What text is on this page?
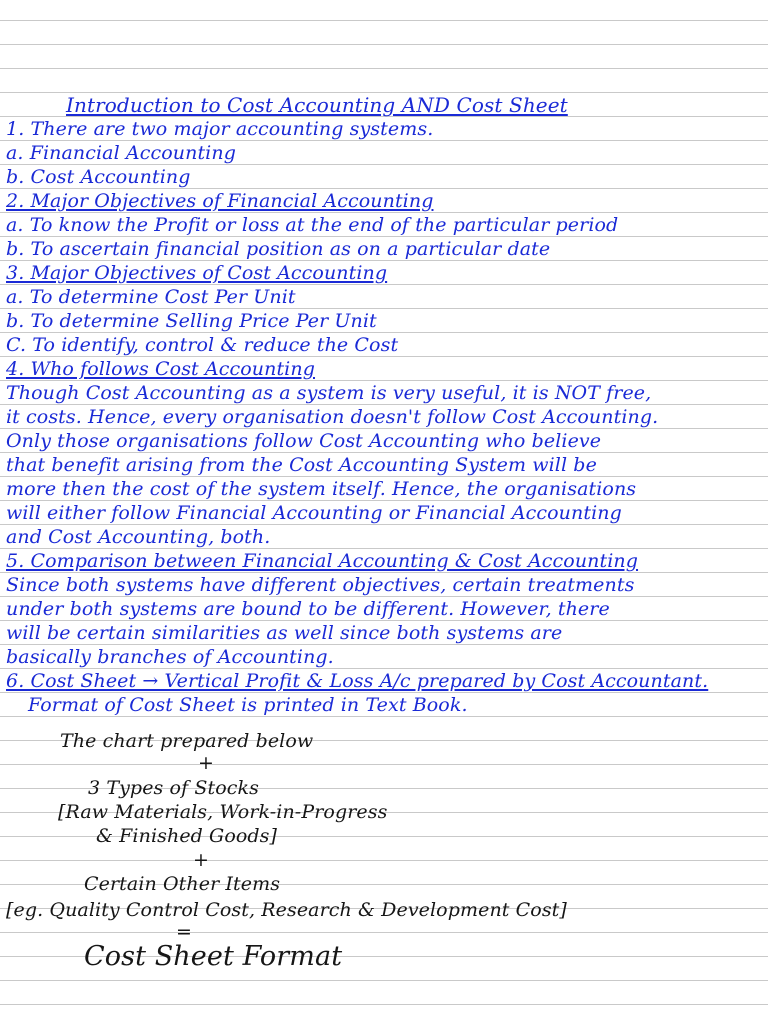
Introduction to Cost Accounting AND Cost Sheet
1. There are two major accounting systems.
a. Financial Accounting
b. Cost Accounting
2. Major Objectives of Financial Accounting
a. To know the Profit or loss at the end of the particular period
b. To ascertain financial position as on a particular date
3. Major Objectives of Cost Accounting
a. To determine Cost Per Unit
b. To determine Selling Price Per Unit
C. To identify, control & reduce the Cost
4. Who follows Cost Accounting
Though Cost Accounting as a system is very useful, it is NOT free,
it costs. Hence, every organisation doesn't follow Cost Accounting.
Only those organisations follow Cost Accounting who believe
that benefit arising from the Cost Accounting System will be
more then the cost of the system itself. Hence, the organisations
will either follow Financial Accounting or Financial Accounting
and Cost Accounting, both.
5. Comparison between Financial Accounting & Cost Accounting
Since both systems have different objectives, certain treatments
under both systems are bound to be different. However, there
will be certain similarities as well since both systems are
basically branches of Accounting.
6. Cost Sheet → Vertical Profit & Loss A/c prepared by Cost Accountant.
Format of Cost Sheet is printed in Text Book.
The chart prepared below
+
3 Types of Stocks
[Raw Materials, Work-in-Progress
& Finished Goods]
+
Certain Other Items
[eg. Quality Control Cost, Research & Development Cost]
=
Cost Sheet Format
